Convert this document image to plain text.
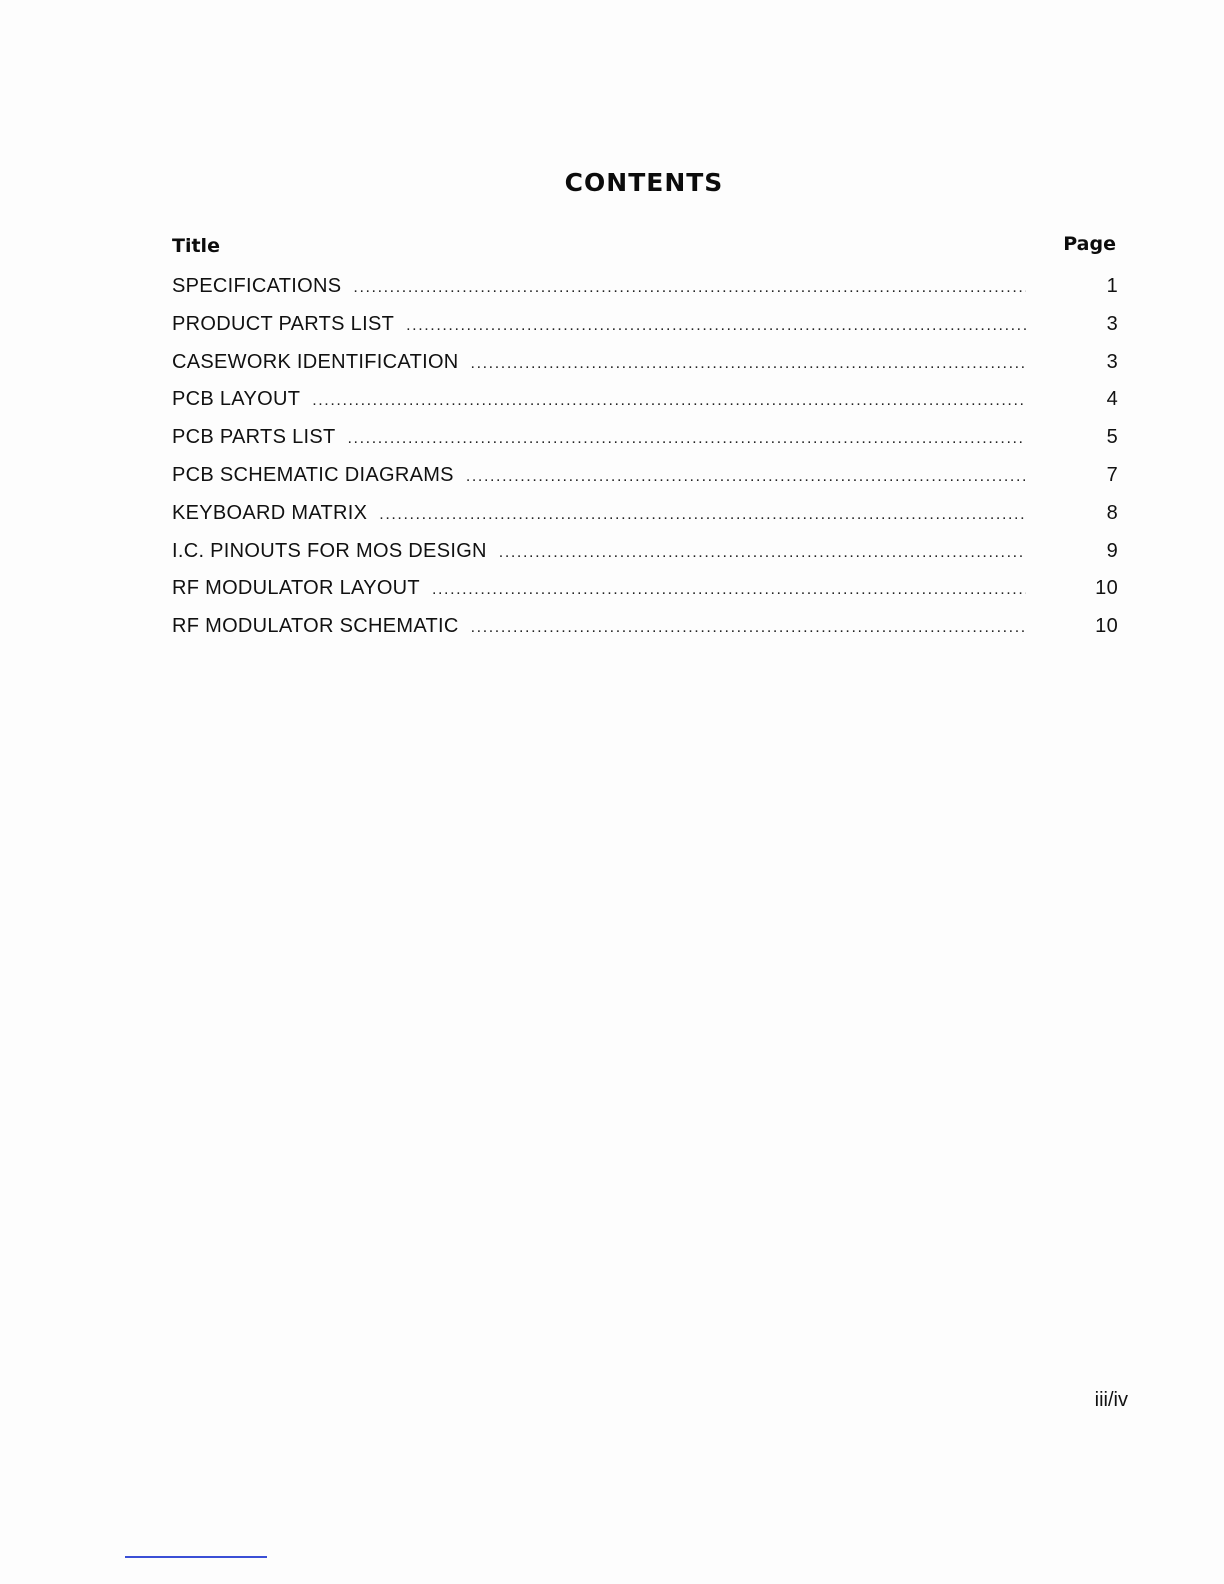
CONTENTS
Title	Page
SPECIFICATIONS .....	1
PRODUCT PARTS LIST .....	3
CASEWORK IDENTIFICATION .....	3
PCB LAYOUT .....	4
PCB PARTS LIST .....	5
PCB SCHEMATIC DIAGRAMS .....	7
KEYBOARD MATRIX .....	8
I.C. PINOUTS FOR MOS DESIGN .....	9
RF MODULATOR LAYOUT .....	10
RF MODULATOR SCHEMATIC .....	10
iii/iv
